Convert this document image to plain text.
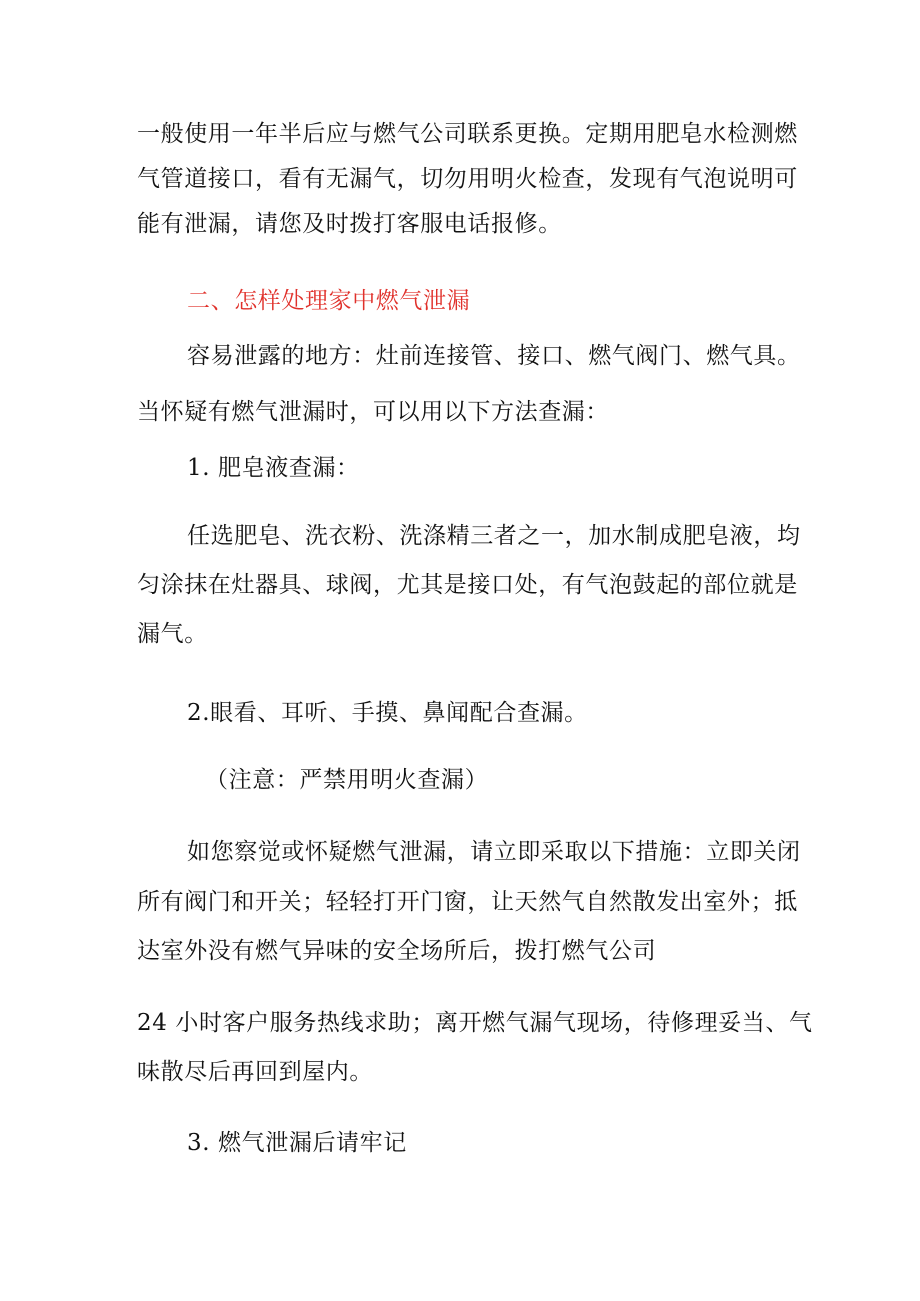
一般使用一年半后应与燃气公司联系更换。定期用肥皂水检测燃
气管道接口，看有无漏气，切勿用明火检查，发现有气泡说明可
能有泄漏，请您及时拨打客服电话报修。
二、怎样处理家中燃气泄漏
容易泄露的地方：灶前连接管、接口、燃气阀门、燃气具。
当怀疑有燃气泄漏时，可以用以下方法查漏：
1. 肥皂液查漏：
任选肥皂、洗衣粉、洗涤精三者之一，加水制成肥皂液，均
匀涂抹在灶器具、球阀，尤其是接口处，有气泡鼓起的部位就是
漏气。
2.眼看、耳听、手摸、鼻闻配合查漏。
（注意：严禁用明火查漏）
如您察觉或怀疑燃气泄漏，请立即采取以下措施：立即关闭
所有阀门和开关；轻轻打开门窗，让天然气自然散发出室外；抵
达室外没有燃气异味的安全场所后，拨打燃气公司
24 小时客户服务热线求助；离开燃气漏气现场，待修理妥当、气
味散尽后再回到屋内。
3. 燃气泄漏后请牢记
